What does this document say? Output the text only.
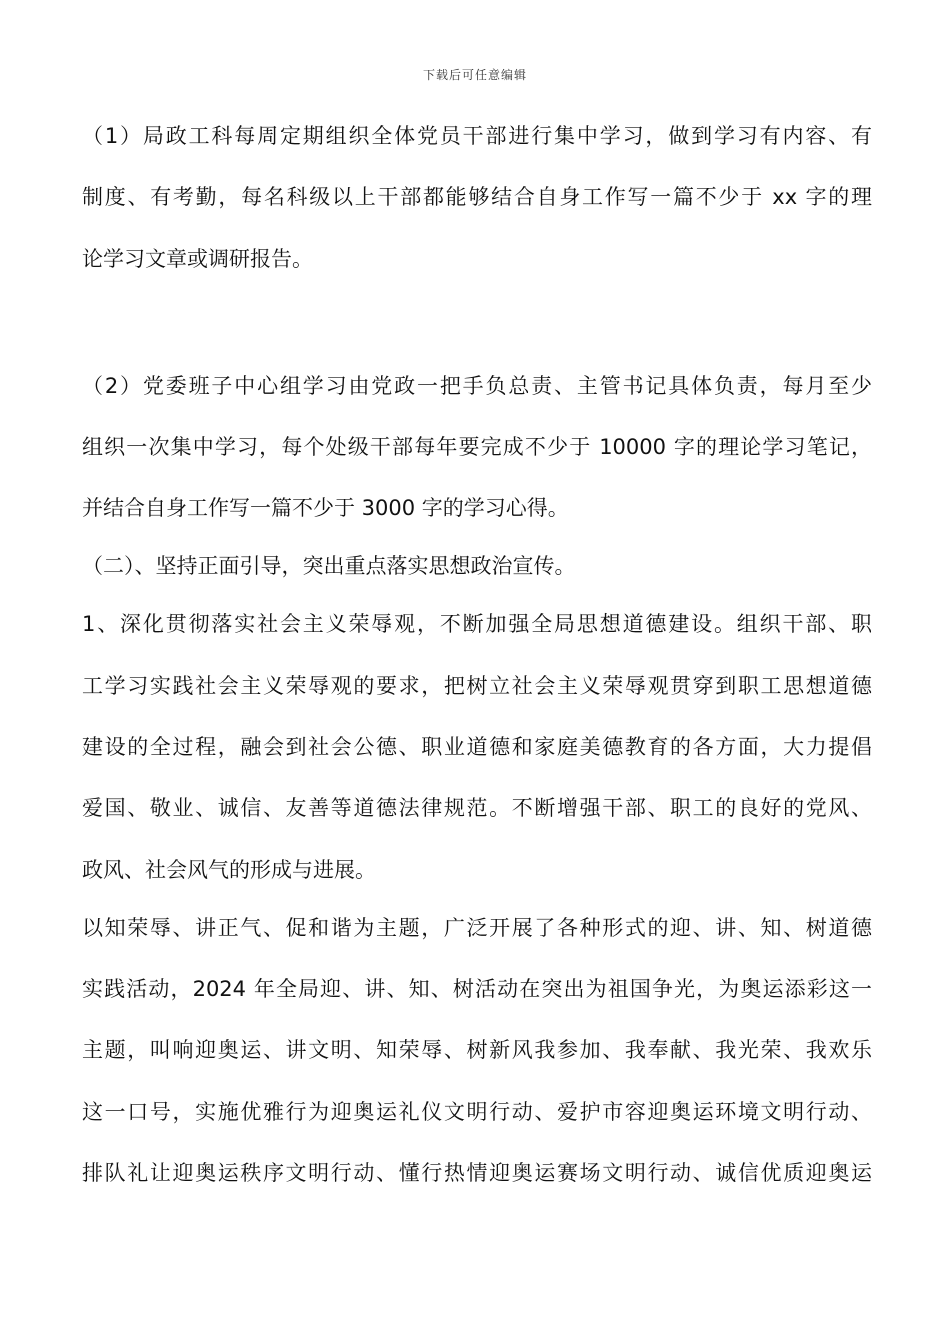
下载后可任意编辑
（1）局政工科每周定期组织全体党员干部进行集中学习，做到学习有内容、有
制度、有考勤，每名科级以上干部都能够结合自身工作写一篇不少于 xx 字的理
论学习文章或调研报告。
（2）党委班子中心组学习由党政一把手负总责、主管书记具体负责，每月至少
组织一次集中学习，每个处级干部每年要完成不少于 10000 字的理论学习笔记，
并结合自身工作写一篇不少于 3000 字的学习心得。
（二）、坚持正面引导，突出重点落实思想政治宣传。
1、深化贯彻落实社会主义荣辱观，不断加强全局思想道德建设。组织干部、职
工学习实践社会主义荣辱观的要求，把树立社会主义荣辱观贯穿到职工思想道德
建设的全过程，融会到社会公德、职业道德和家庭美德教育的各方面，大力提倡
爱国、敬业、诚信、友善等道德法律规范。不断增强干部、职工的良好的党风、
政风、社会风气的形成与进展。
以知荣辱、讲正气、促和谐为主题，广泛开展了各种形式的迎、讲、知、树道德
实践活动，2024 年全局迎、讲、知、树活动在突出为祖国争光，为奥运添彩这一
主题，叫响迎奥运、讲文明、知荣辱、树新风我参加、我奉献、我光荣、我欢乐
这一口号，实施优雅行为迎奥运礼仪文明行动、爱护市容迎奥运环境文明行动、
排队礼让迎奥运秩序文明行动、懂行热情迎奥运赛场文明行动、诚信优质迎奥运
